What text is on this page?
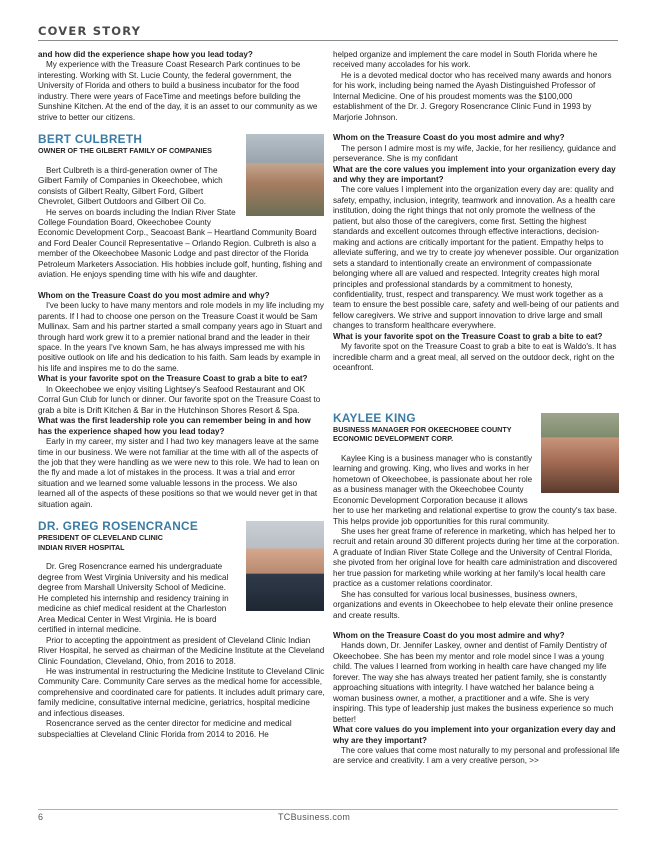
COVER STORY
and how did the experience shape how you lead today?

My experience with the Treasure Coast Research Park continues to be interesting. Working with St. Lucie County, the federal government, the University of Florida and others to build a business incubator for the food industry. There were years of FaceTime and meetings before building the Sunshine Kitchen. At the end of the day, it is an asset to our community as we strive to better our citizens.

BERT CULBRETH
OWNER OF THE GILBERT FAMILY OF COMPANIES

Bert Culbreth is a third-generation owner of The Gilbert Family of Companies in Okeechobee, which consists of Gilbert Realty, Gilbert Ford, Gilbert Chevrolet, Gilbert Outdoors and Gilbert Oil Co.

He serves on boards including the Indian River State College Foundation Board, Okeechobee County Economic Development Corp., Seacoast Bank – Heartland Community Board and Ford Dealer Council Representative – Orlando Region. Culbreth is also a member of the Okeechobee Masonic Lodge and past director of the Florida Petroleum Marketers Association. His hobbies include golf, hunting, fishing and aviation. He enjoys spending time with his wife and daughter.

Whom on the Treasure Coast do you most admire and why?

I've been lucky to have many mentors and role models in my life including my parents. If I had to choose one person on the Treasure Coast it would be Sam Mullinax. Sam and his partner started a small company years ago in Stuart and through hard work grew it to a premier national brand and the leader in their space. In the years I've known Sam, he has always impressed me with his positive outlook on life and his dedication to his faith. Sam leads by example in his life and inspires me to do the same.

What is your favorite spot on the Treasure Coast to grab a bite to eat?

In Okeechobee we enjoy visiting Lightsey's Seafood Restaurant and OK Corral Gun Club for lunch or dinner. Our favorite spot on the Treasure Coast to grab a bite is Drift Kitchen & Bar in the Hutchinson Shores Resort & Spa.

What was the first leadership role you can remember being in and how has the experience shaped how you lead today?

Early in my career, my sister and I had two key managers leave at the same time in our business. We were not familiar at the time with all of the aspects of the job that they were handling as we were new to this role. We had to lean on the fly and made a lot of mistakes in the process. It was a trial and error situation and we learned some valuable lessons in the process. We also learned all of the aspects of these positions so that we would never get in that situation again.

DR. GREG ROSENCRANCE
PRESIDENT OF CLEVELAND CLINIC
INDIAN RIVER HOSPITAL

Dr. Greg Rosencrance earned his undergraduate degree from West Virginia University and his medical degree from Marshall University School of Medicine. He completed his internship and residency training in medicine as chief medical resident at the Charleston Area Medical Center in West Virginia. He is board certified in internal medicine.

Prior to accepting the appointment as president of Cleveland Clinic Indian River Hospital, he served as chairman of the Medicine Institute at the Cleveland Clinic Foundation, Cleveland, Ohio, from 2016 to 2018.

He was instrumental in restructuring the Medicine Institute to Cleveland Clinic Community Care. Community Care serves as the medical home for accessible, comprehensive and coordinated care for patients. It includes adult primary care, family medicine, consultative internal medicine, geriatrics, hospital medicine and infectious diseases.

Rosencrance served as the center director for medicine and medical subspecialties at Cleveland Clinic Florida from 2014 to 2016. He

helped organize and implement the care model in South Florida where he received many accolades for his work.

He is a devoted medical doctor who has received many awards and honors for his work, including being named the Ayash Distinguished Professor of Internal Medicine. One of his proudest moments was the $100,000 establishment of the Dr. J. Gregory Rosencrance Clinic Fund in 1993 by Marjorie Johnson.

Whom on the Treasure Coast do you most admire and why?

The person I admire most is my wife, Jackie, for her resiliency, guidance and perseverance. She is my confidant

What are the core values you implement into your organization every day and why they are important?

The core values I implement into the organization every day are: quality and safety, empathy, inclusion, integrity, teamwork and innovation. As a health care institution, doing the right things that not only promote the wellness of the patient, but also those of the caregivers, come first. Setting the highest standards and excellent outcomes through effective interactions, decision-making and actions are critically important for the patient. Empathy helps to alleviate suffering, and we try to create joy whenever possible. Our organization sets a standard to intentionally create an environment of compassionate belonging where all are valued and respected. Integrity creates high moral principles and professional standards by a commitment to honesty, confidentiality, trust, respect and transparency. We must work together as a team to ensure the best possible care, safety and well-being of our patients and fellow caregivers. We strive and support innovation to drive large and small changes to transform healthcare everywhere.

What is your favorite spot on the Treasure Coast to grab a bite to eat?

My favorite spot on the Treasure Coast to grab a bite to eat is Waldo's. It has incredible charm and a great meal, all served on the outdoor deck, right on the oceanfront.

KAYLEE KING
BUSINESS MANAGER FOR OKEECHOBEE COUNTY
ECONOMIC DEVELOPMENT CORP.

Kaylee King is a business manager who is constantly learning and growing. King, who lives and works in her hometown of Okeechobee, is passionate about her role as a business manager with the Okeechobee County Economic Development Corporation because it allows her to use her marketing and relational expertise to grow the county's tax base. This helps provide job opportunities for this rural community.

She uses her great frame of reference in marketing, which has helped her to recruit and retain around 30 different projects during her time at the corporation. A graduate of Indian River State College and the University of Central Florida, she pivoted from her original love for health care administration and discovered her true passion for marketing while working at her family's local health care practice as a customer relations coordinator.

She has consulted for various local businesses, business owners, organizations and events in Okeechobee to help elevate their online presence and create results.

Whom on the Treasure Coast do you most admire and why?

Hands down, Dr. Jennifer Laskey, owner and dentist of Family Dentistry of Okeechobee. She has been my mentor and role model since I was a young child. The values I learned from working in health care have changed my life forever. The way she has always treated her patient family, she is constantly approaching situations with integrity. I have watched her balance being a woman business owner, a mother, a practitioner and a wife. She is very inspiring. This type of leadership just makes the business experience so much better!

What core values do you implement into your organization every day and why are they important?

The core values that come most naturally to my personal and professional life are service and creativity. I am a very creative person, >>

6	TCBusiness.com
